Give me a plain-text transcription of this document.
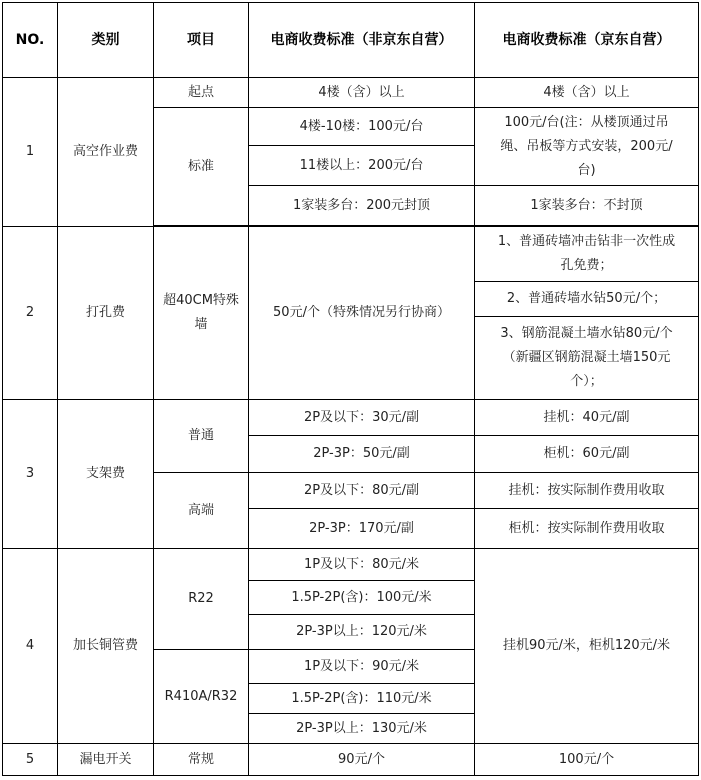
NO.	类别	项目	电商收费标准（非京东自营）	电商收费标准（京东自营）
1	高空作业费	起点	4楼（含）以上	4楼（含）以上
		标准	4楼-10楼：100元/台	100元/台(注：从楼顶通过吊
绳、吊板等方式安装，200元/
台)
			11楼以上：200元/台	
			1家装多台：200元封顶	1家装多台：不封顶

2	打孔费	超40CM特殊
墙	50元/个（特殊情况另行协商）	1、普通砖墙冲击钻非一次性成
孔免费；
				2、普通砖墙水钻50元/个；
				3、钢筋混凝土墙水钻80元/个
（新疆区钢筋混凝土墙150元
个）；
3	支架费	普通	2P及以下：30元/副	挂机：40元/副
			2P-3P：50元/副	柜机：60元/副
		高端	2P及以下：80元/副	挂机：按实际制作费用收取
			2P-3P：170元/副	柜机：按实际制作费用收取
4	加长铜管费	R22	1P及以下：80元/米	挂机90元/米，柜机120元/米
			1.5P-2P(含)：100元/米	
			2P-3P以上：120元/米	
		R410A/R32	1P及以下：90元/米	
			1.5P-2P(含)：110元/米	
			2P-3P以上：130元/米	
5	漏电开关	常规	90元/个	100元/个
